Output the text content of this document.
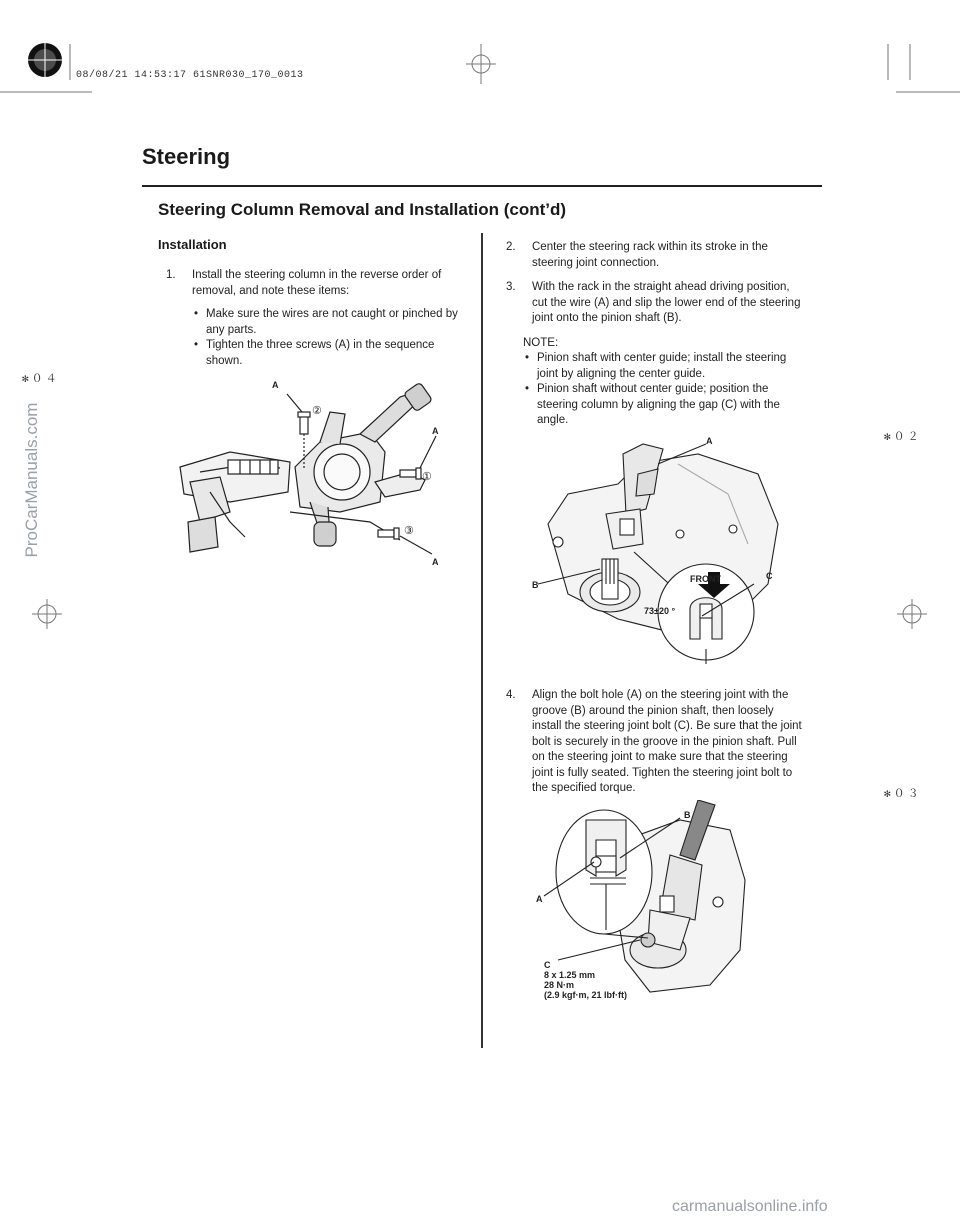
08/08/21 14:53:17 61SNR030_170_0013
Steering
Steering Column Removal and Installation (cont’d)
Installation
1. Install the steering column in the reverse order of removal, and note these items:
• Make sure the wires are not caught or pinched by any parts.
• Tighten the three screws (A) in the sequence shown.
A
A
A
①
②
③
2. Center the steering rack within its stroke in the steering joint connection.
3. With the rack in the straight ahead driving position, cut the wire (A) and slip the lower end of the steering joint onto the pinion shaft (B).
NOTE:
• Pinion shaft with center guide; install the steering joint by aligning the center guide.
• Pinion shaft without center guide; position the steering column by aligning the gap (C) with the angle.
A
B
C
FRONT
73±20 °
4. Align the bolt hole (A) on the steering joint with the groove (B) around the pinion shaft, then loosely install the steering joint bolt (C). Be sure that the joint bolt is securely in the groove in the pinion shaft. Pull on the steering joint to make sure that the steering joint is fully seated. Tighten the steering joint bolt to the specified torque.
B
A
C
8 x 1.25 mm
28 N·m
(2.9 kgf·m, 21 lbf·ft)
✻０４
✻０２
✻０３
ProCarManuals.com
carmanualsonline.info
